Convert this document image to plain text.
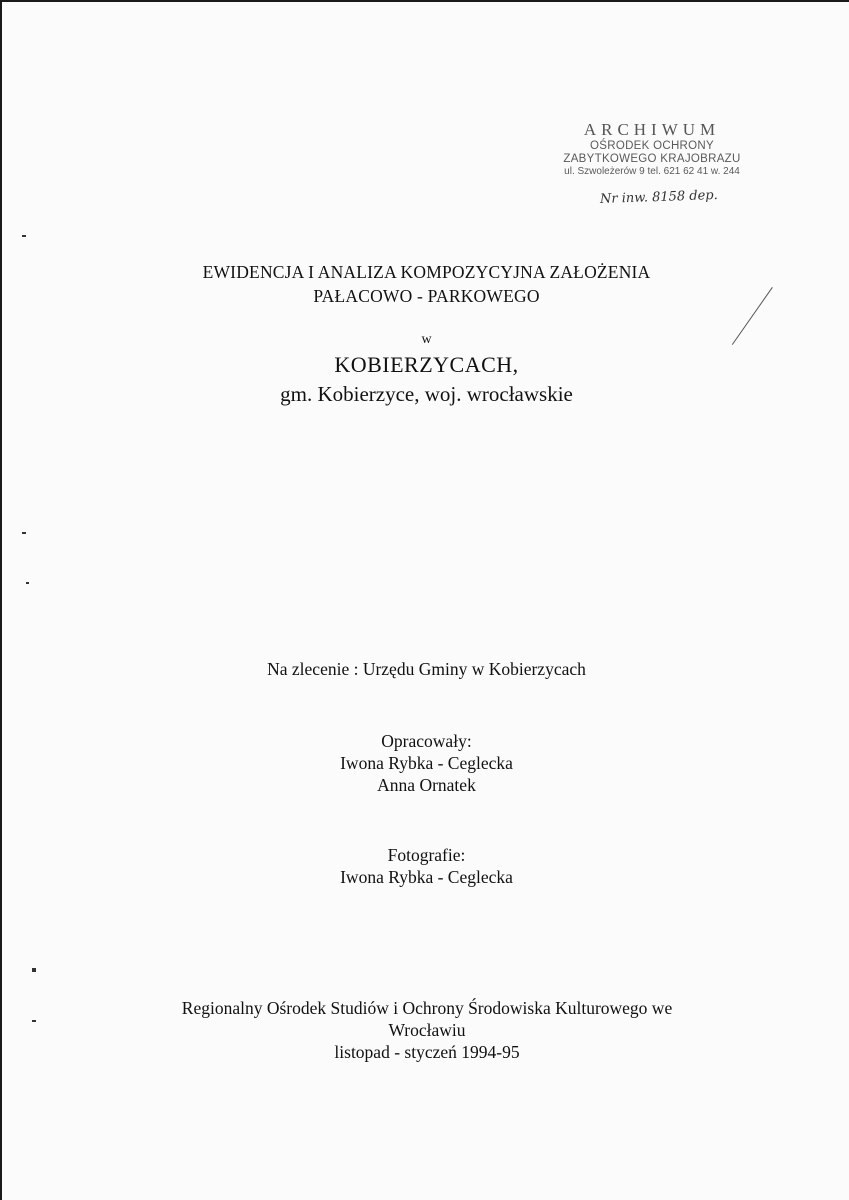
ARCHIWUM
OŚRODEK OCHRONY
ZABYTKOWEGO KRAJOBRAZU
ul. Szwoleżerów 9 tel. 621 62 41 w. 244
Nr inw. 8158 dep.
EWIDENCJA I ANALIZA KOMPOZYCYJNA ZAŁOŻENIA
PAŁACOWO - PARKOWEGO
w
KOBIERZYCACH,
gm. Kobierzyce, woj. wrocławskie
Na zlecenie : Urzędu Gminy w Kobierzycach
Opracowały:
Iwona Rybka - Ceglecka
Anna Ornatek
Fotografie:
Iwona Rybka - Ceglecka
Regionalny Ośrodek Studiów i Ochrony Środowiska Kulturowego we
Wrocławiu
listopad - styczeń 1994-95
